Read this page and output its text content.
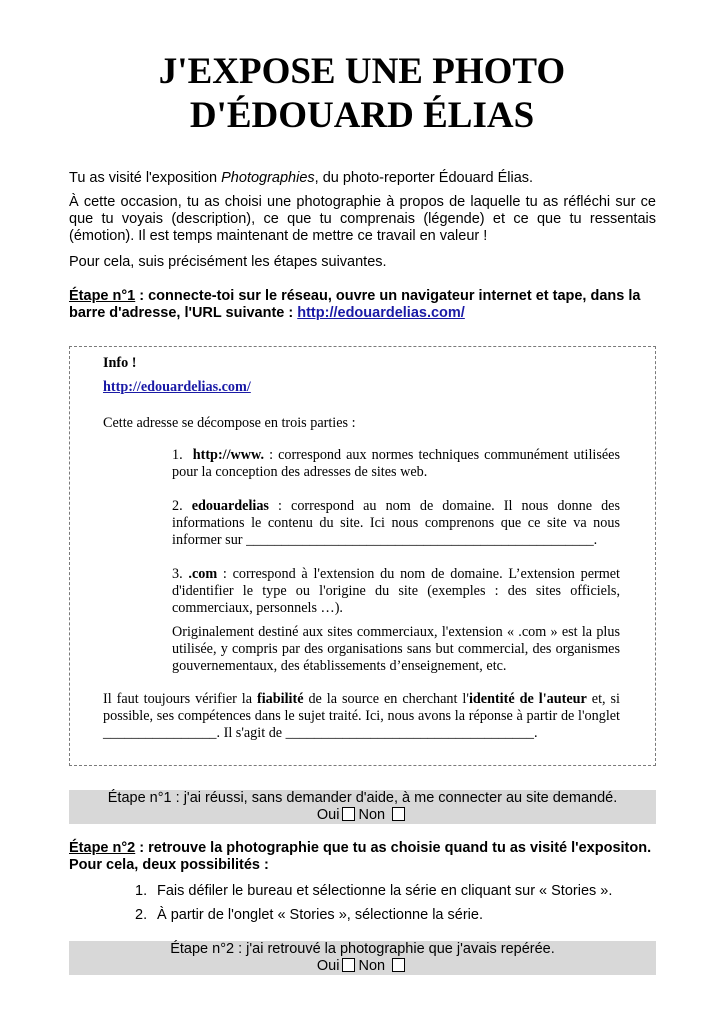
J'EXPOSE UNE PHOTO
D'ÉDOUARD ÉLIAS
Tu as visité l'exposition Photographies, du photo-reporter Édouard Élias.
À cette occasion, tu as choisi une photographie à propos de laquelle tu as réfléchi sur ce que tu voyais (description), ce que tu comprenais (légende) et ce que tu ressentais (émotion). Il est temps maintenant de mettre ce travail en valeur !
Pour cela, suis précisément les étapes suivantes.
Étape n°1 : connecte-toi sur le réseau, ouvre un navigateur internet et tape, dans la barre d'adresse, l'URL suivante : http://edouardelias.com/
Info !
http://edouardelias.com/
Cette adresse se décompose en trois parties :
1. http://www. : correspond aux normes techniques communément utilisées pour la conception des adresses de sites web.
2. edouardelias : correspond au nom de domaine. Il nous donne des informations le contenu du site. Ici nous comprenons que ce site va nous informer sur _________________________________________________.
3. .com : correspond à l'extension du nom de domaine. L’extension permet d'identifier le type ou l'origine du site (exemples : des sites officiels, commerciaux, personnels …).
Originalement destiné aux sites commerciaux, l'extension « .com » est la plus utilisée, y compris par des organisations sans but commercial, des organismes gouvernementaux, des établissements d’enseignement, etc.
Il faut toujours vérifier la fiabilité de la source en cherchant l'identité de l'auteur et, si possible, ses compétences dans le sujet traité. Ici, nous avons la réponse à partir de l'onglet ________________. Il s'agit de ___________________________________.
Étape n°1 : j'ai réussi, sans demander d'aide, à me connecter au site demandé.
Oui Non
Étape n°2 : retrouve la photographie que tu as choisie quand tu as visité l'expositon. Pour cela, deux possibilités :
1. Fais défiler le bureau et sélectionne la série en cliquant sur « Stories ».
2. À partir de l'onglet « Stories », sélectionne la série.
Étape n°2 : j'ai retrouvé la photographie que j'avais repérée.
Oui Non
